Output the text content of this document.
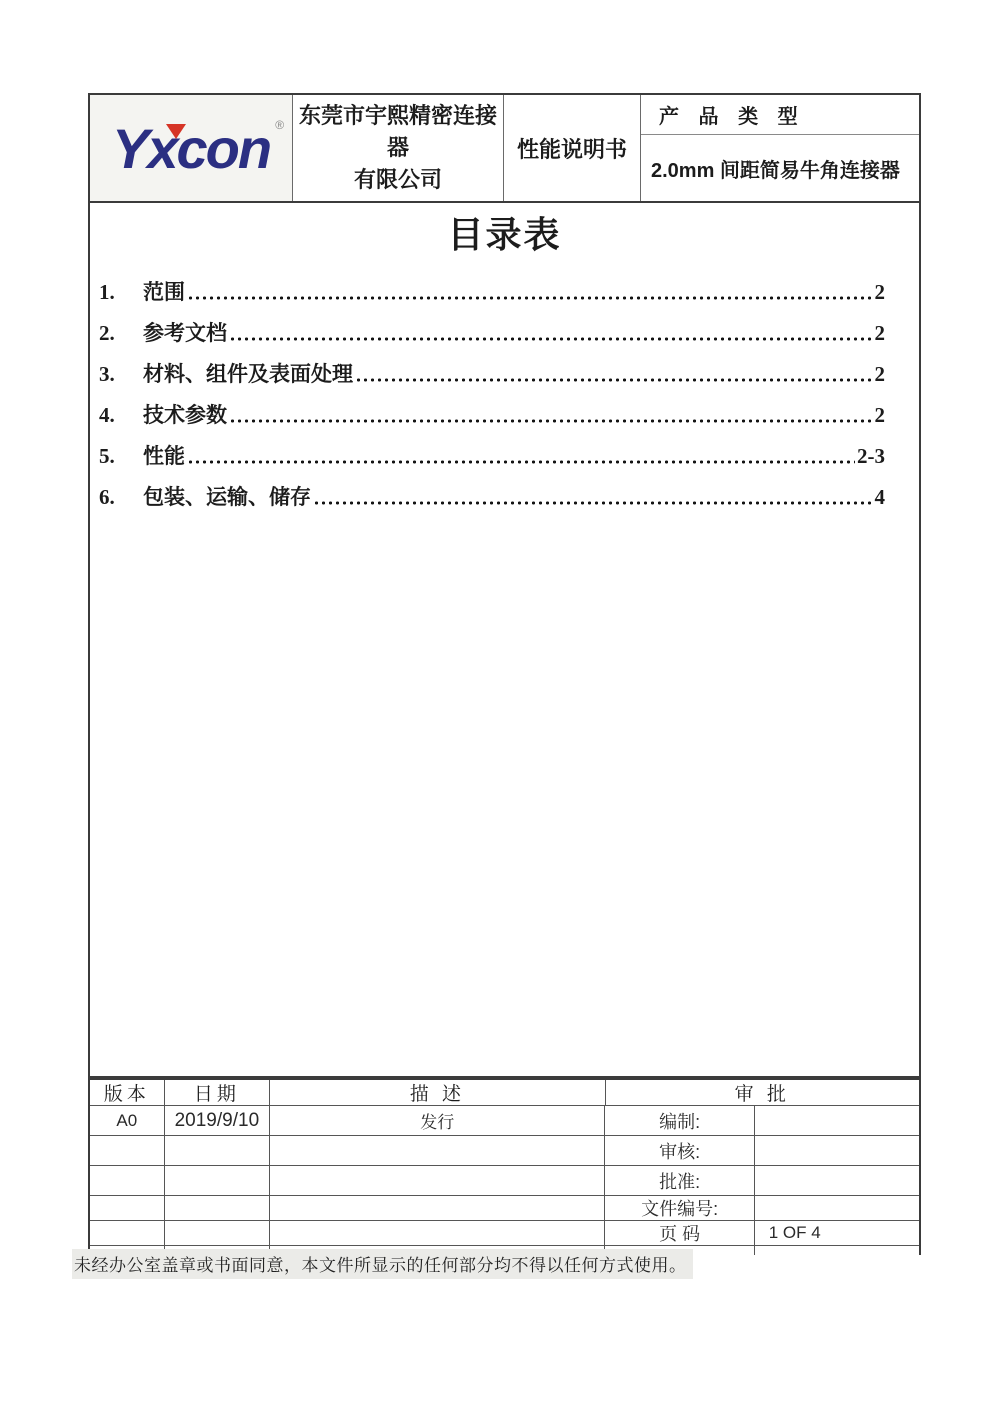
Yxcon ® 东莞市宇熙精密连接器
有限公司
性能说明书
产 品 类 型
2.0mm 间距简易牛角连接器
目录表
1.	范围	2
2.	参考文档	2
3.	材料、组件及表面处理	2
4.	技术参数	2
5.	性能	2-3
6.	包装、运输、储存	4
版本	日期	描 述	审 批
A0	2019/9/10	发行	编制:
审核:
批准:
文件编号:
页 码	1 OF 4
未经办公室盖章或书面同意，本文件所显示的任何部分均不得以任何方式使用。
